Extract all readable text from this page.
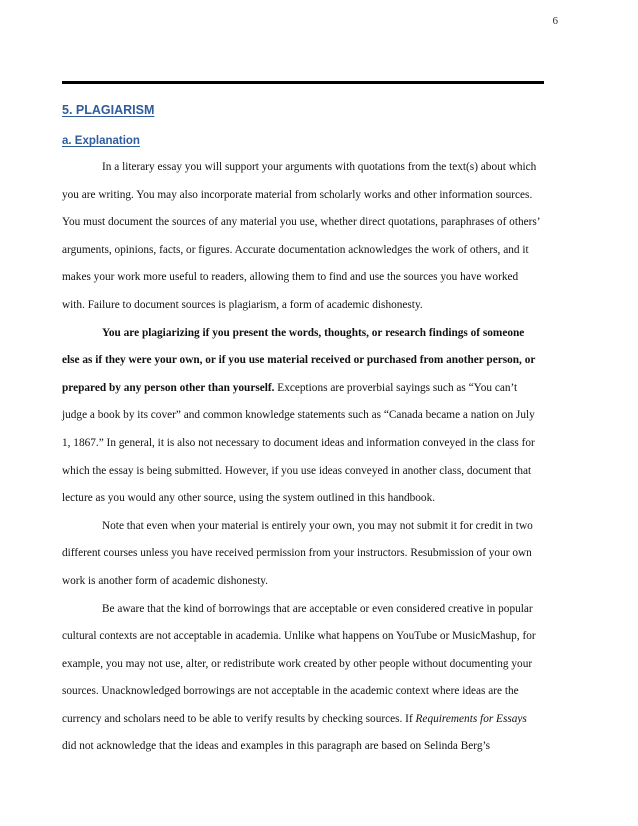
6
5. PLAGIARISM
a. Explanation

In a literary essay you will support your arguments with quotations from the text(s) about which you are writing. You may also incorporate material from scholarly works and other information sources. You must document the sources of any material you use, whether direct quotations, paraphrases of others’ arguments, opinions, facts, or figures. Accurate documentation acknowledges the work of others, and it makes your work more useful to readers, allowing them to find and use the sources you have worked with. Failure to document sources is plagiarism, a form of academic dishonesty.

You are plagiarizing if you present the words, thoughts, or research findings of someone else as if they were your own, or if you use material received or purchased from another person, or prepared by any person other than yourself. Exceptions are proverbial sayings such as “You can’t judge a book by its cover” and common knowledge statements such as “Canada became a nation on July 1, 1867.” In general, it is also not necessary to document ideas and information conveyed in the class for which the essay is being submitted. However, if you use ideas conveyed in another class, document that lecture as you would any other source, using the system outlined in this handbook.

Note that even when your material is entirely your own, you may not submit it for credit in two different courses unless you have received permission from your instructors. Resubmission of your own work is another form of academic dishonesty.

Be aware that the kind of borrowings that are acceptable or even considered creative in popular cultural contexts are not acceptable in academia. Unlike what happens on YouTube or MusicMashup, for example, you may not use, alter, or redistribute work created by other people without documenting your sources. Unacknowledged borrowings are not acceptable in the academic context where ideas are the currency and scholars need to be able to verify results by checking sources. If Requirements for Essays did not acknowledge that the ideas and examples in this paragraph are based on Selinda Berg’s
